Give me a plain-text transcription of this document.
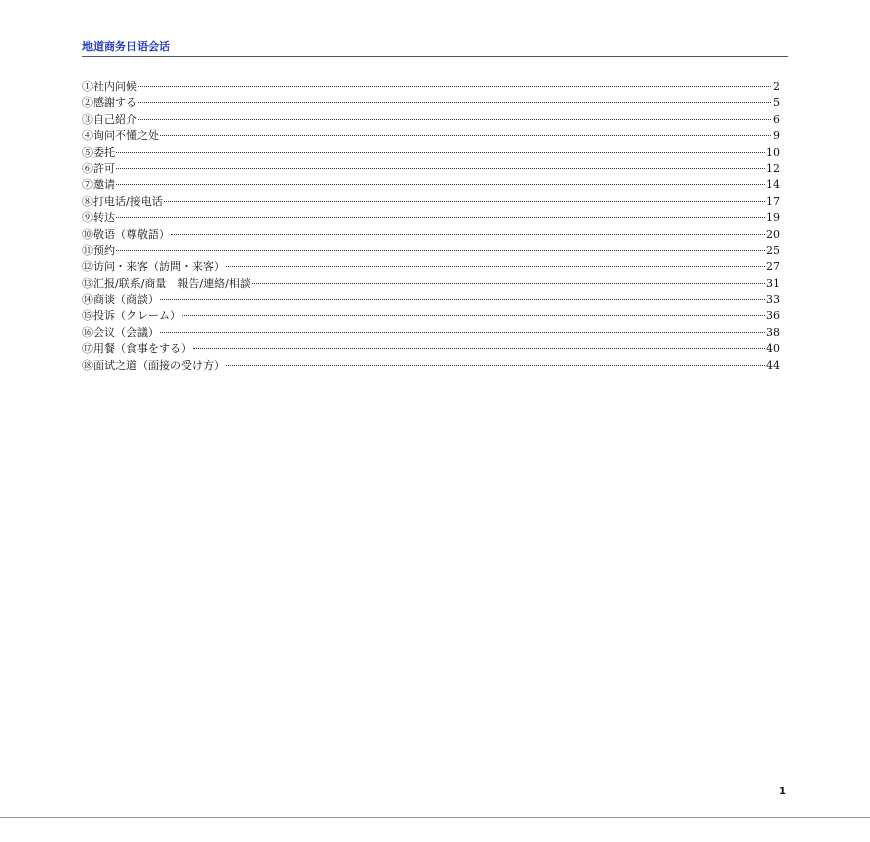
地道商务日语会话
①社内问候	2
②感謝する	5
③自己紹介	6
④询问不懂之处	9
⑤委托	10
⑥許可	12
⑦邀请	14
⑧打电话/接电话	17
⑨转达	19
⑩敬语（尊敬語）	20
⑪预约	25
⑫访问・来客（訪問・来客）	27
⑬汇报/联系/商量　報告/連絡/相談	31
⑭商谈（商談）	33
⑮投诉（クレーム）	36
⑯会议（会議）	38
⑰用餐（食事をする）	40
⑱面试之道（面接の受け方）	44
1
